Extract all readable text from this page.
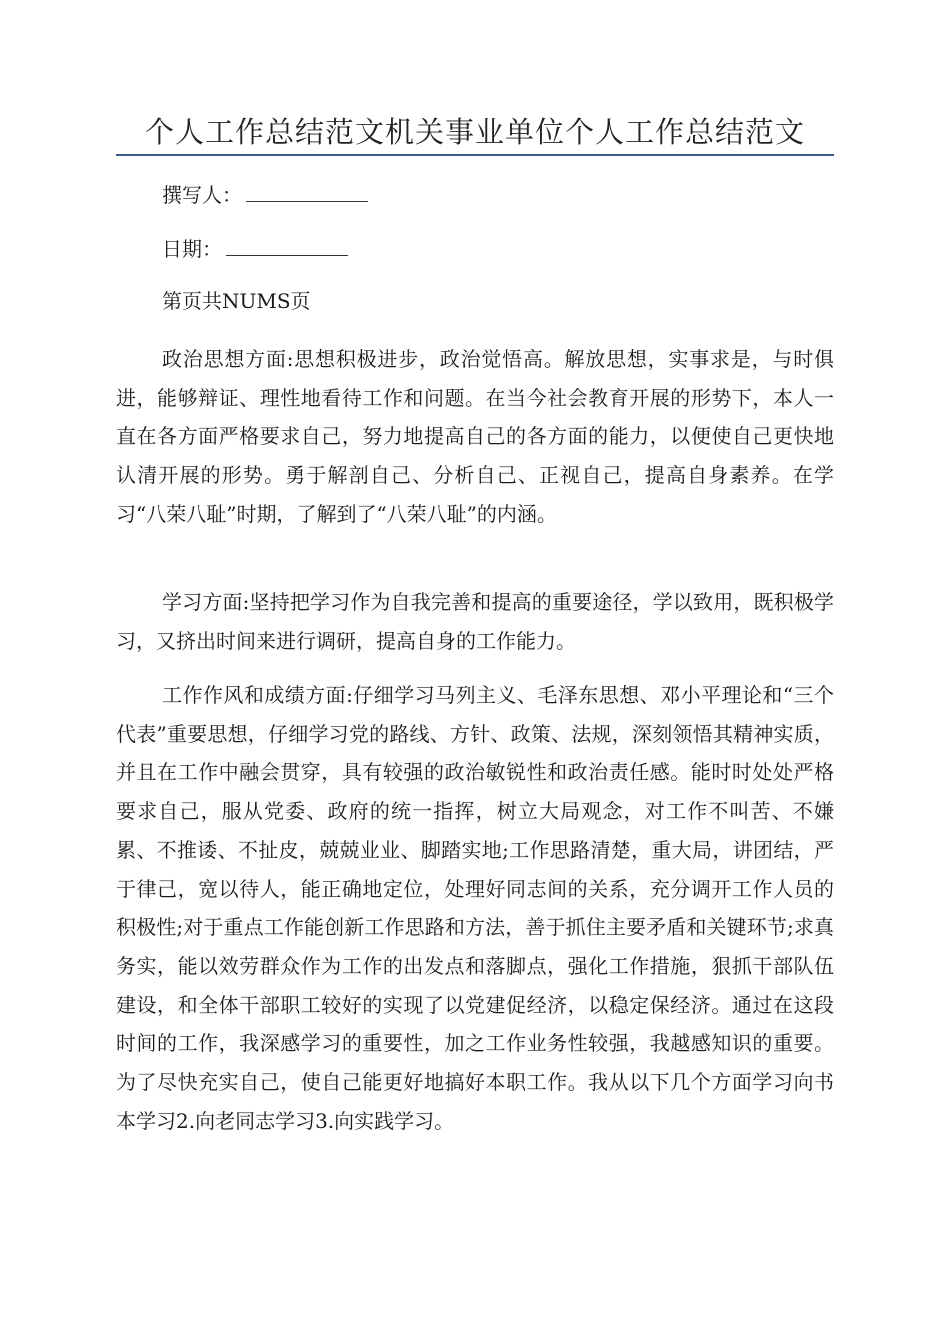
个人工作总结范文机关事业单位个人工作总结范文
撰写人：
日期：
第页共NUMS页

政治思想方面:思想积极进步，政治觉悟高。解放思想，实事求是，与时俱进，能够辩证、理性地看待工作和问题。在当今社会教育开展的形势下，本人一直在各方面严格要求自己，努力地提高自己的各方面的能力，以便使自己更快地认清开展的形势。勇于解剖自己、分析自己、正视自己，提高自身素养。在学习“八荣八耻”时期，了解到了“八荣八耻”的内涵。

学习方面:坚持把学习作为自我完善和提高的重要途径，学以致用，既积极学习，又挤出时间来进行调研，提高自身的工作能力。

工作作风和成绩方面:仔细学习马列主义、毛泽东思想、邓小平理论和“三个代表”重要思想，仔细学习党的路线、方针、政策、法规，深刻领悟其精神实质，并且在工作中融会贯穿，具有较强的政治敏锐性和政治责任感。能时时处处严格要求自己，服从党委、政府的统一指挥，树立大局观念，对工作不叫苦、不嫌累、不推诿、不扯皮，兢兢业业、脚踏实地;工作思路清楚，重大局，讲团结，严于律己，宽以待人，能正确地定位，处理好同志间的关系，充分调开工作人员的积极性;对于重点工作能创新工作思路和方法，善于抓住主要矛盾和关键环节;求真务实，能以效劳群众作为工作的出发点和落脚点，强化工作措施，狠抓干部队伍建设，和全体干部职工较好的实现了以党建促经济，以稳定保经济。通过在这段时间的工作，我深感学习的重要性，加之工作业务性较强，我越感知识的重要。为了尽快充实自己，使自己能更好地搞好本职工作。我从以下几个方面学习向书本学习2.向老同志学习3.向实践学习。
